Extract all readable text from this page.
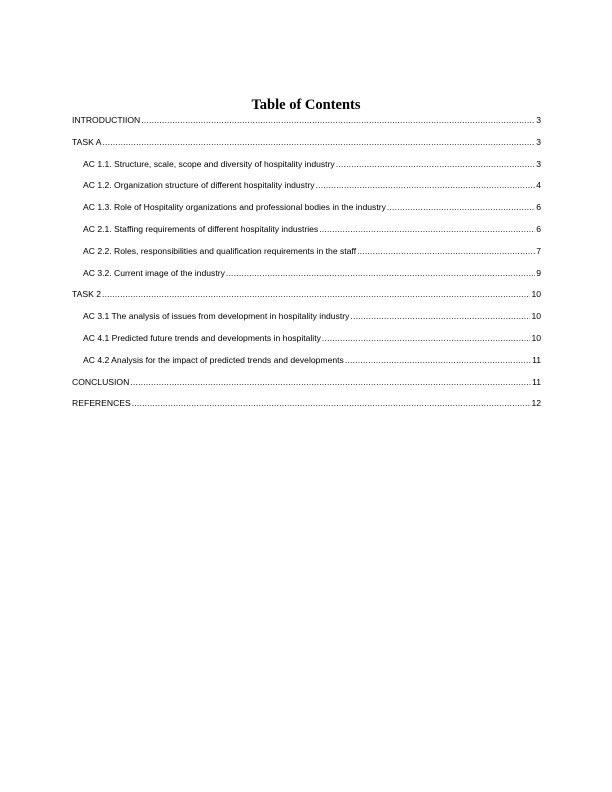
Table of Contents
INTRODUCTIION .....	3
TASK A .....	3
AC 1.1. Structure, scale, scope and diversity of hospitality industry .....	3
AC 1.2. Organization structure of different hospitality industry .....	4
AC 1.3. Role of Hospitality organizations and professional bodies in the industry .....	6
AC 2.1. Staffing requirements of different hospitality industries .....	6
AC 2.2. Roles, responsibilities and qualification requirements in the staff .....	7
AC 3.2. Current image of the industry .....	9
TASK 2 .....	10
AC 3.1 The analysis of issues from development in hospitality industry .....	10
AC 4.1 Predicted future trends and developments in hospitality .....	10
AC 4.2 Analysis for the impact of predicted trends and developments .....	11
CONCLUSION .....	11
REFERENCES .....	12
